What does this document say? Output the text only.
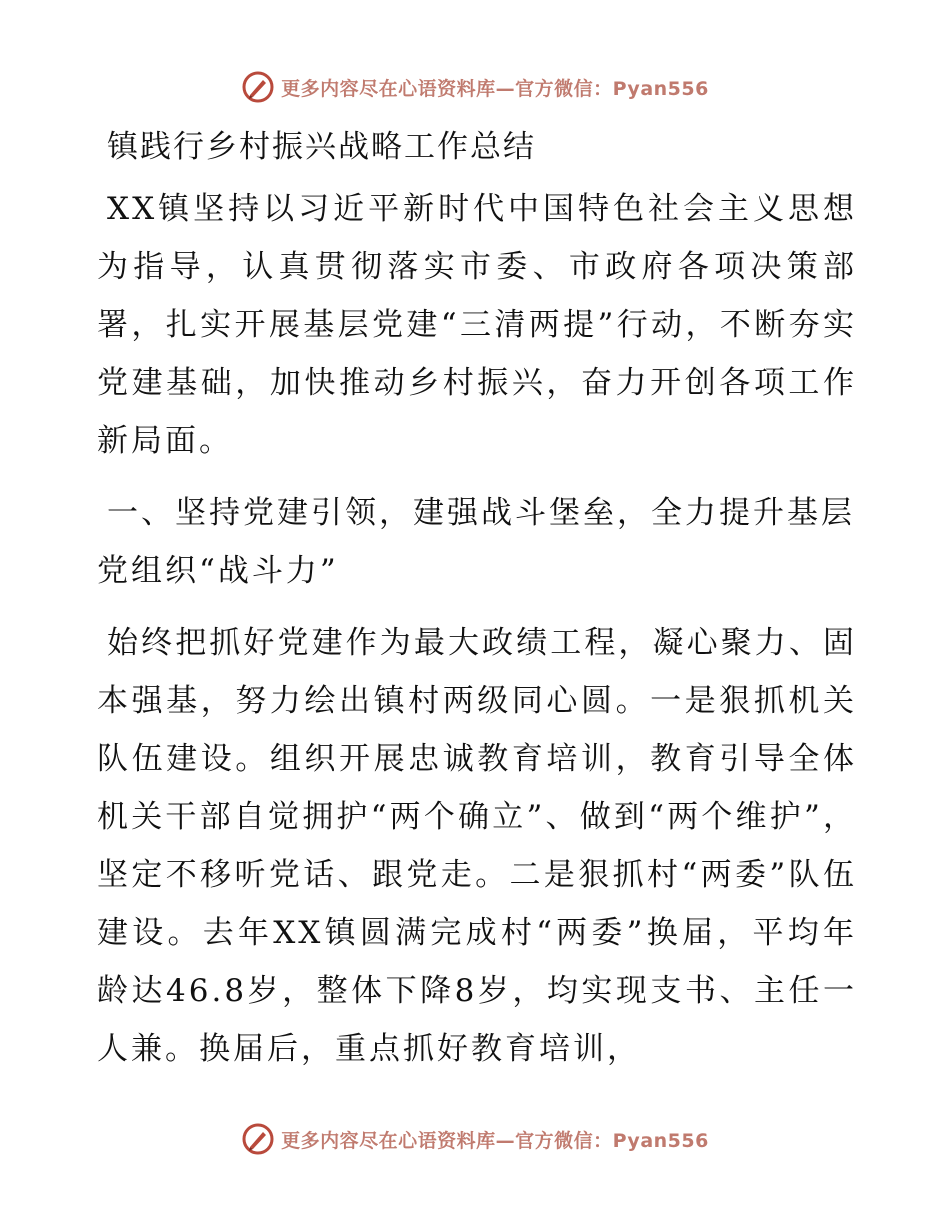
更多内容尽在心语资料库—官方微信：Pyan556
镇践行乡村振兴战略工作总结

XX镇坚持以习近平新时代中国特色社会主义思想为指导，认真贯彻落实市委、市政府各项决策部署，扎实开展基层党建“三清两提”行动，不断夯实党建基础，加快推动乡村振兴，奋力开创各项工作新局面。

一、坚持党建引领，建强战斗堡垒，全力提升基层党组织“战斗力”

始终把抓好党建作为最大政绩工程，凝心聚力、固本强基，努力绘出镇村两级同心圆。一是狠抓机关队伍建设。组织开展忠诚教育培训，教育引导全体机关干部自觉拥护“两个确立”、做到“两个维护”，坚定不移听党话、跟党走。二是狠抓村“两委”队伍建设。去年XX镇圆满完成村“两委”换届，平均年龄达46.8岁，整体下降8岁，均实现支书、主任一人兼。换届后，重点抓好教育培训，

更多内容尽在心语资料库—官方微信：Pyan556
